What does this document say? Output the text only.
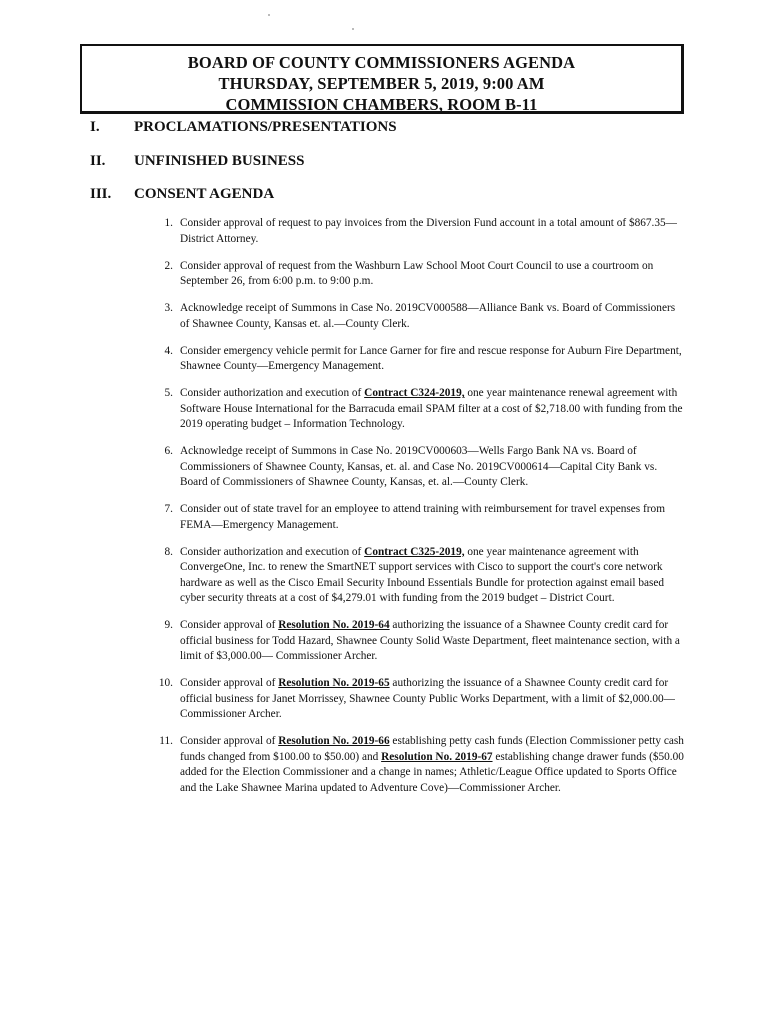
BOARD OF COUNTY COMMISSIONERS AGENDA
THURSDAY, SEPTEMBER 5, 2019, 9:00 AM
COMMISSION CHAMBERS, ROOM B-11
I. PROCLAMATIONS/PRESENTATIONS
II. UNFINISHED BUSINESS
III. CONSENT AGENDA
1. Consider approval of request to pay invoices from the Diversion Fund account in a total amount of $867.35—District Attorney.
2. Consider approval of request from the Washburn Law School Moot Court Council to use a courtroom on September 26, from 6:00 p.m. to 9:00 p.m.
3. Acknowledge receipt of Summons in Case No. 2019CV000588—Alliance Bank vs. Board of Commissioners of Shawnee County, Kansas et. al.—County Clerk.
4. Consider emergency vehicle permit for Lance Garner for fire and rescue response for Auburn Fire Department, Shawnee County—Emergency Management.
5. Consider authorization and execution of Contract C324-2019, one year maintenance renewal agreement with Software House International for the Barracuda email SPAM filter at a cost of $2,718.00 with funding from the 2019 operating budget – Information Technology.
6. Acknowledge receipt of Summons in Case No. 2019CV000603—Wells Fargo Bank NA vs. Board of Commissioners of Shawnee County, Kansas, et. al. and Case No. 2019CV000614—Capital City Bank vs. Board of Commissioners of Shawnee County, Kansas, et. al.—County Clerk.
7. Consider out of state travel for an employee to attend training with reimbursement for travel expenses from FEMA—Emergency Management.
8. Consider authorization and execution of Contract C325-2019, one year maintenance agreement with ConvergeOne, Inc. to renew the SmartNET support services with Cisco to support the court's core network hardware as well as the Cisco Email Security Inbound Essentials Bundle for protection against email based cyber security threats at a cost of $4,279.01 with funding from the 2019 budget – District Court.
9. Consider approval of Resolution No. 2019-64 authorizing the issuance of a Shawnee County credit card for official business for Todd Hazard, Shawnee County Solid Waste Department, fleet maintenance section, with a limit of $3,000.00— Commissioner Archer.
10. Consider approval of Resolution No. 2019-65 authorizing the issuance of a Shawnee County credit card for official business for Janet Morrissey, Shawnee County Public Works Department, with a limit of $2,000.00— Commissioner Archer.
11. Consider approval of Resolution No. 2019-66 establishing petty cash funds (Election Commissioner petty cash funds changed from $100.00 to $50.00) and Resolution No. 2019-67 establishing change drawer funds ($50.00 added for the Election Commissioner and a change in names; Athletic/League Office updated to Sports Office and the Lake Shawnee Marina updated to Adventure Cove)—Commissioner Archer.
